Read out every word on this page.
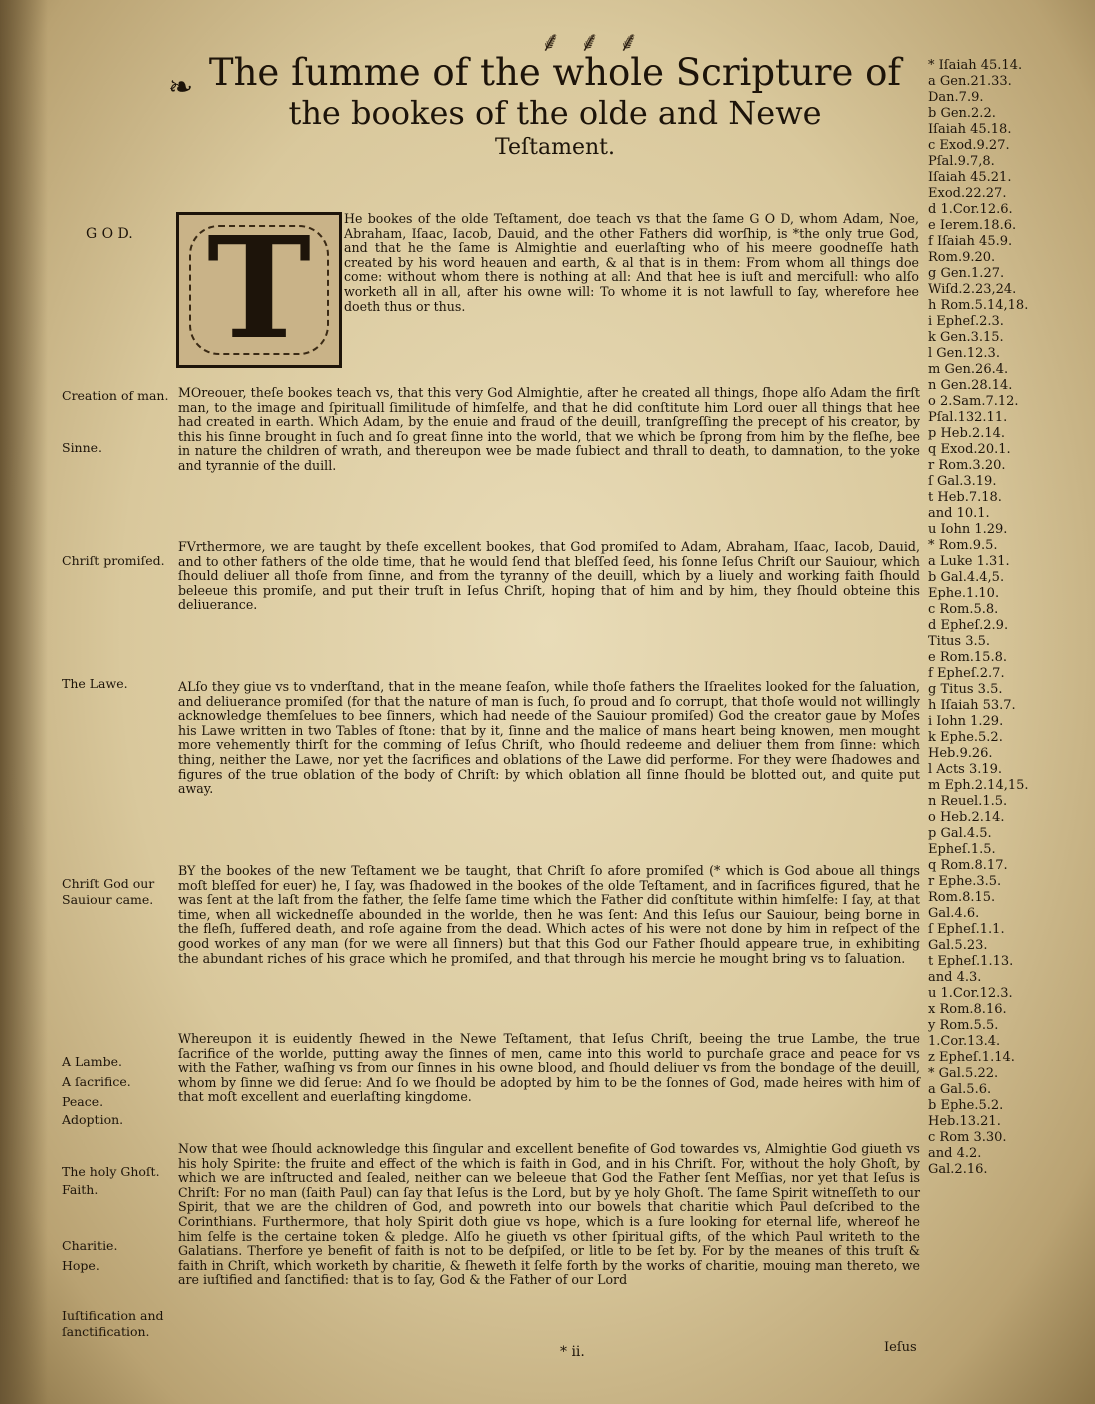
⸙⸙⸙
❧ The ſumme of the whole Scripture of
the bookes of the olde and Newe
Teſtament.
G O D.
Creation of man.
Sinne.
Chriſt promiſed.
The Lawe.
Chriſt God our
Sauiour came.
A Lambe.
A ſacrifice.
Peace.
Adoption.
The holy Ghoſt.
Faith.
Charitie.
Hope.
Iuſtification and
ſanctification.
T	He bookes of the olde Teſtament, doe teach vs that the ſame G O D, whom Adam, Noe, Abraham, Iſaac, Iacob, Dauid, and the other Fathers did worſhip, is *the only true God, and that he the ſame is Almightie and euerlaſting who of his meere goodneſſe hath created by his word heauen and earth, & al that is in them: From whom all things doe come: without whom there is nothing at all: And that hee is iuſt and mercifull: who alſo worketh all in all, after his owne will: To whome it is not lawfull to ſay, wherefore hee doeth thus or thus.
MOreouer, theſe bookes teach vs, that this very God Almightie, after he created all things, ſhope alſo Adam the firſt man, to the image and ſpirituall ſimilitude of himſelfe, and that he did conſtitute him Lord ouer all things that hee had created in earth. Which Adam, by the enuie and fraud of the deuill, tranſgreſſing the precept of his creator, by this his ſinne brought in ſuch and ſo great ſinne into the world, that we which be ſprong from him by the fleſhe, bee in nature the children of wrath, and thereupon wee be made ſubiect and thrall to death, to damnation, to the yoke and tyrannie of the duill.
FVrthermore, we are taught by theſe excellent bookes, that God promiſed to Adam, Abraham, Iſaac, Iacob, Dauid, and to other fathers of the olde time, that he would ſend that bleſſed ſeed, his ſonne Ieſus Chriſt our Sauiour, which ſhould deliuer all thoſe from ſinne, and from the tyranny of the deuill, which by a liuely and working faith ſhould beleeue this promiſe, and put their truſt in Ieſus Chriſt, hoping that of him and by him, they ſhould obteine this deliuerance.
ALſo they giue vs to vnderſtand, that in the meane ſeaſon, while thoſe fathers the Iſraelites looked for the ſaluation, and deliuerance promiſed (for that the nature of man is ſuch, ſo proud and ſo corrupt, that thoſe would not willingly acknowledge themſelues to bee ſinners, which had neede of the Sauiour promiſed) God the creator gaue by Moſes his Lawe written in two Tables of ſtone: that by it, ſinne and the malice of mans heart being knowen, men mought more vehemently thirſt for the comming of Ieſus Chriſt, who ſhould redeeme and deliuer them from ſinne: which thing, neither the Lawe, nor yet the ſacrifices and oblations of the Lawe did performe. For they were ſhadowes and figures of the true oblation of the body of Chriſt: by which oblation all ſinne ſhould be blotted out, and quite put away.
BY the bookes of the new Teſtament we be taught, that Chriſt ſo afore promiſed (* which is God aboue all things moſt bleſſed for euer) he, I ſay, was ſhadowed in the bookes of the olde Teſtament, and in ſacrifices figured, that he was ſent at the laſt from the father, the ſelfe ſame time which the Father did conſtitute within himſelfe: I ſay, at that time, when all wickedneſſe abounded in the worlde, then he was ſent: And this Ieſus our Sauiour, being borne in the fleſh, ſuffered death, and roſe againe from the dead. Which actes of his were not done by him in reſpect of the good workes of any man (for we were all ſinners) but that this God our Father ſhould appeare true, in exhibiting the abundant riches of his grace which he promiſed, and that through his mercie he mought bring vs to ſaluation.
Whereupon it is euidently ſhewed in the Newe Teſtament, that Ieſus Chriſt, beeing the true Lambe, the true ſacrifice of the worlde, putting away the ſinnes of men, came into this world to purchaſe grace and peace for vs with the Father, waſhing vs from our ſinnes in his owne blood, and ſhould deliuer vs from the bondage of the deuill, whom by ſinne we did ſerue: And ſo we ſhould be adopted by him to be the ſonnes of God, made heires with him of that moſt excellent and euerlaſting kingdome.
Now that wee ſhould acknowledge this ſingular and excellent benefite of God towardes vs, Almightie God giueth vs his holy Spirite: the fruite and effect of the which is faith in God, and in his Chriſt. For, without the holy Ghoſt, by which we are inſtructed and ſealed, neither can we beleeue that God the Father ſent Meſſias, nor yet that Ieſus is Chriſt: For no man (ſaith Paul) can ſay that Ieſus is the Lord, but by ye holy Ghoſt. The ſame Spirit witneſſeth to our Spirit, that we are the children of God, and powreth into our bowels that charitie which Paul deſcribed to the Corinthians. Furthermore, that holy Spirit doth giue vs hope, which is a ſure looking for eternal life, whereof he him ſelfe is the certaine token & pledge. Alſo he giueth vs other ſpiritual gifts, of the which Paul writeth to the Galatians. Therfore ye benefit of faith is not to be deſpiſed, or litle to be ſet by. For by the meanes of this truſt & faith in Chriſt, which worketh by charitie, & ſheweth it ſelfe forth by the works of charitie, mouing man thereto, we are iuſtified and ſanctified: that is to ſay, God & the Father of our Lord
* Iſaiah 45.14.
a Gen.21.33.
Dan.7.9.
b Gen.2.2.
Iſaiah 45.18.
c Exod.9.27.
Pſal.9.7,8.
Iſaiah 45.21.
Exod.22.27.
d 1.Cor.12.6.
e Ierem.18.6.
f Iſaiah 45.9.
Rom.9.20.
g Gen.1.27.
Wiſd.2.23,24.
h Rom.5.14,18.
i Epheſ.2.3.
k Gen.3.15.
l Gen.12.3.
m Gen.26.4.
n Gen.28.14.
o 2.Sam.7.12.
Pſal.132.11.
p Heb.2.14.
q Exod.20.1.
r Rom.3.20.
ſ Gal.3.19.
t Heb.7.18.
and 10.1.
u Iohn 1.29.
* Rom.9.5.
a Luke 1.31.
b Gal.4.4,5.
Ephe.1.10.
c Rom.5.8.
d Epheſ.2.9.
Titus 3.5.
e Rom.15.8.
f Epheſ.2.7.
g Titus 3.5.
h Iſaiah 53.7.
i Iohn 1.29.
k Ephe.5.2.
Heb.9.26.
l Acts 3.19.
m Eph.2.14,15.
n Reuel.1.5.
o Heb.2.14.
p Gal.4.5.
Epheſ.1.5.
q Rom.8.17.
r Ephe.3.5.
Rom.8.15.
Gal.4.6.
ſ Epheſ.1.1.
Gal.5.23.
t Epheſ.1.13.
and 4.3.
u 1.Cor.12.3.
x Rom.8.16.
y Rom.5.5.
1.Cor.13.4.
z Epheſ.1.14.
* Gal.5.22.
a Gal.5.6.
b Ephe.5.2.
Heb.13.21.
c Rom 3.30.
and 4.2.
Gal.2.16.
* ii.	Ieſus
